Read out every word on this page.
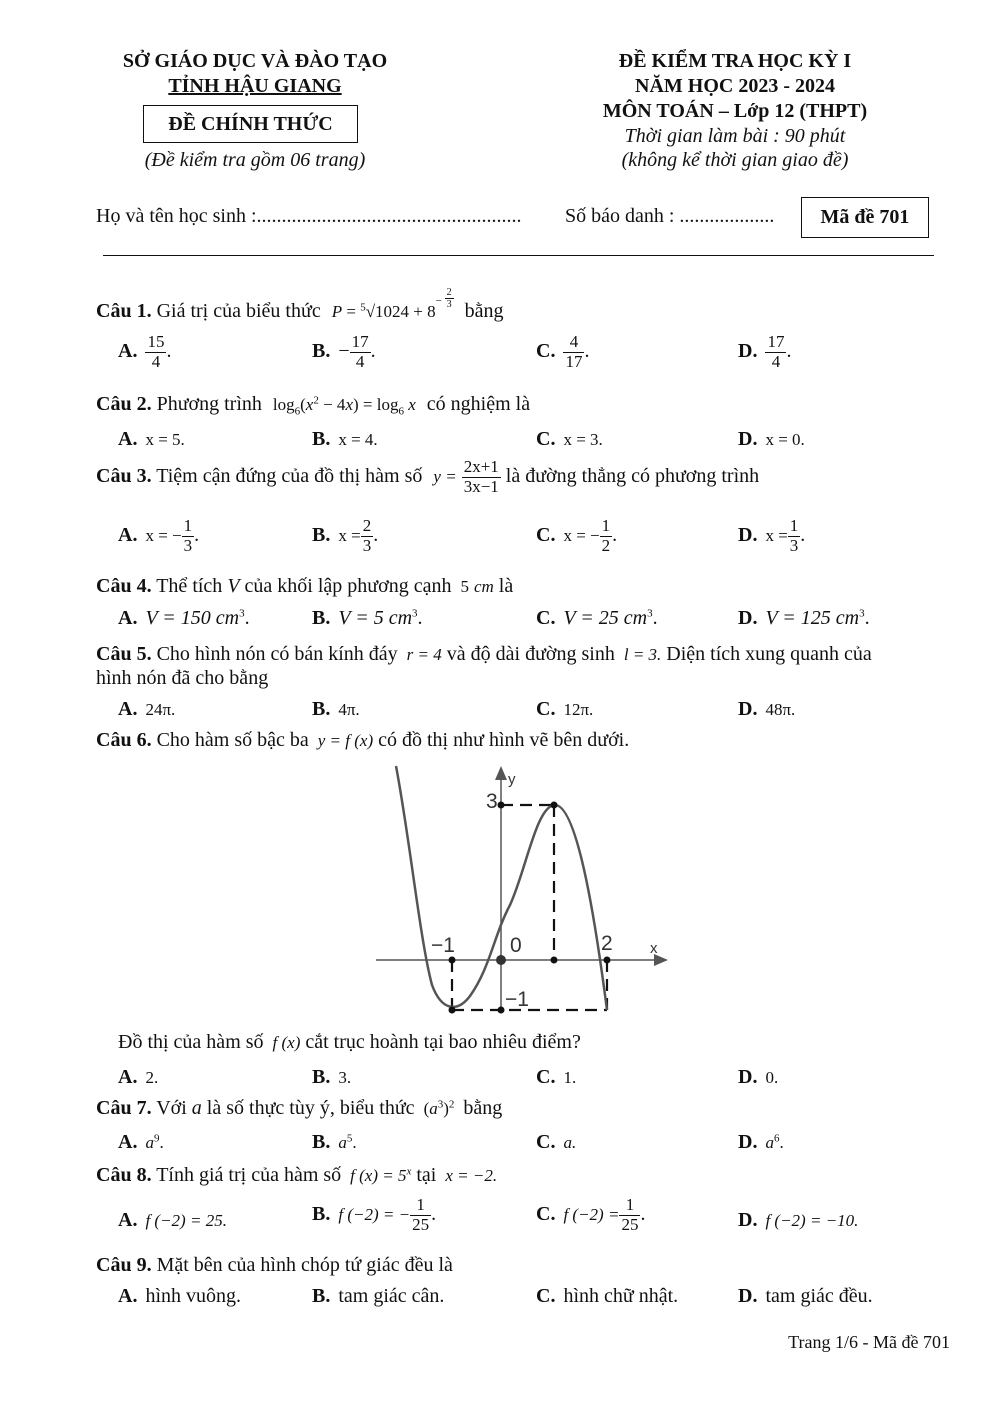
SỞ GIÁO DỤC VÀ ĐÀO TẠO
TỈNH HẬU GIANG
ĐỀ CHÍNH THỨC
(Đề kiểm tra gồm 06 trang)
ĐỀ KIỂM TRA HỌC KỲ I
NĂM HỌC 2023 - 2024
MÔN TOÁN – Lớp 12 (THPT)
Thời gian làm bài : 90 phút
(không kể thời gian giao đề)
Họ và tên học sinh :..................................................... Số báo danh : ...................	Mã đề 701
Câu 1. Giá trị của biểu thức $P = ^5√1024 + 8^{- \frac{2}{3}}$
bằng
A. $\frac{15}{4}$ .	B. − $\frac{17}{4}$ .	C. $\frac{4}{17}$ .	D. $\frac{17}{4}$ .
Câu 2. Phương trình $\log_6(x^2 - 4x) = \log_6 x$ có nghiệm là
A. x = 5.	B. x = 4.	C. x = 3.	D. x = 0.
Câu 3. Tiệm cận đứng của đồ thị hàm số $y = \frac{2x+1}{3x-1}$ là đường thẳng có phương trình
A. x = − $\frac{1}{3}$ .	B. $x = \frac{2}{3}$ .	C. x = − $\frac{1}{2}$ .	D. $x = \frac{1}{3}$ .
Câu 4. Thể tích V của khối lập phương cạnh 5 cm là
A. V = 150 $cm^3$.	B. V = 5 $cm^3$.	C. V = 25 $cm^3$.	D. V = 125 $cm^3$.
Câu 5. Cho hình nón có bán kính đáy r = 4 và độ dài đường sinh l = 3. Diện tích xung quanh của
hình nón đã cho bằng
A. 24π.	B. 4π.	C. 12π.	D. 48π.
Câu 6. Cho hàm số bậc ba y = f (x) có đồ thị như hình vẽ bên dưới.
y
x
3
−1	0	2
−1
Đồ thị của hàm số f (x) cắt trục hoành tại bao nhiêu điểm?
A. 2.	B. 3.	C. 1.	D. 0.
Câu 7. Với a là số thực tùy ý, biểu thức $(a^3)^2$ bằng
A. $a^9$.	B. $a^5$.	C. a.	D. $a^6$.
Câu 8. Tính giá trị của hàm số f $(x) = 5^x$ tại x = −2.
A. f (−2) = 25.	B. f (−2) = − $\frac{1}{25}$ .	C. f $(-2) = \frac{1}{25}$ .	D. f (−2) = −10.
Câu 9. Mặt bên của hình chóp tứ giác đều là
A. hình vuông.	B. tam giác cân.	C. hình chữ nhật.	D. tam giác đều.
Trang 1/6 - Mã đề 701
